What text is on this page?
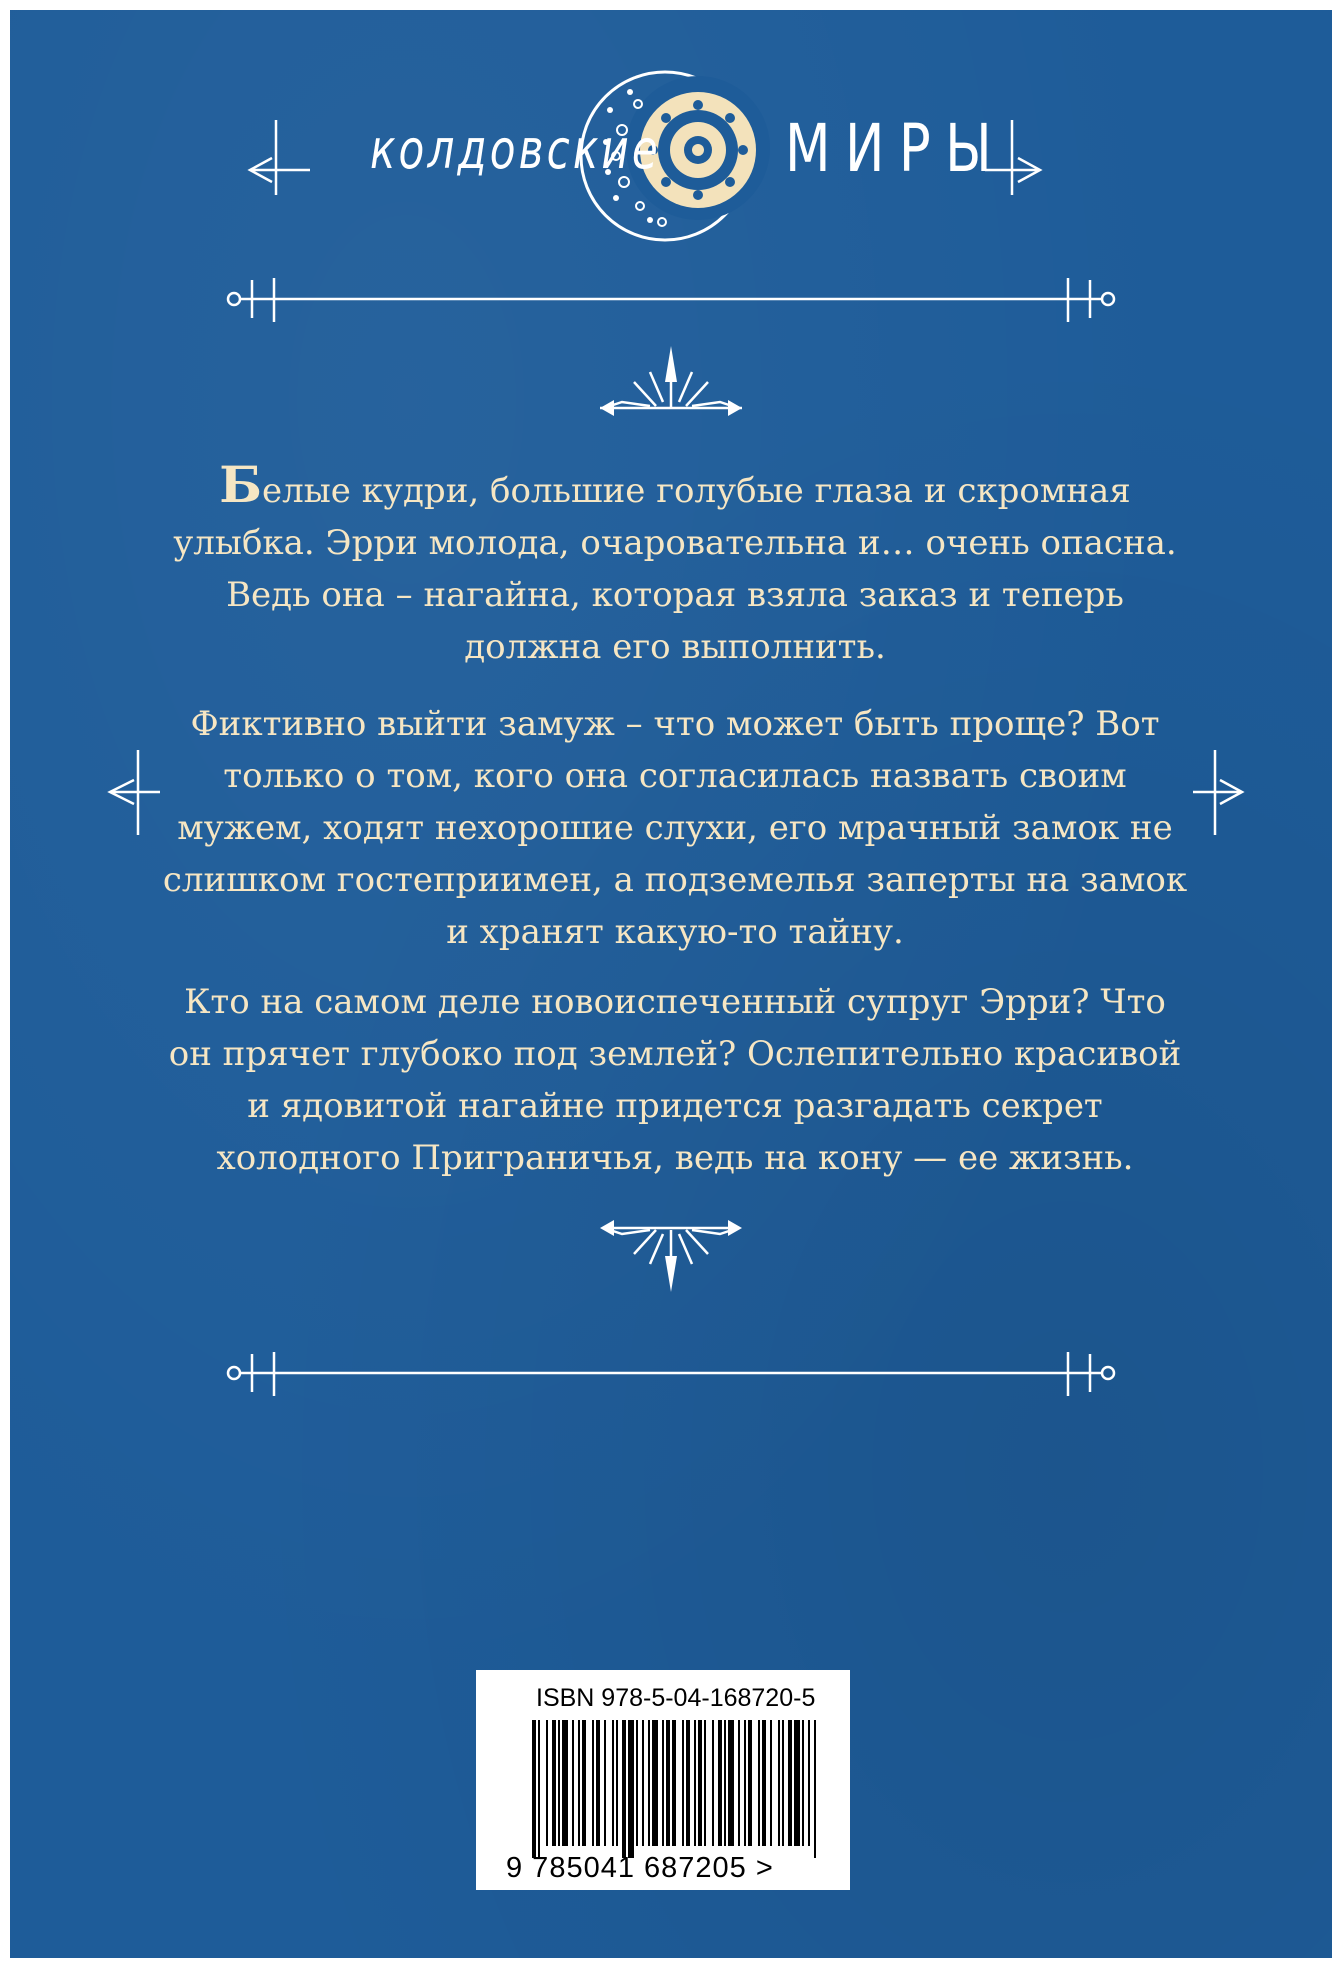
колдовские МИРЫ

Белые кудри, большие голубые глаза и скромная улыбка. Эрри молода, очаровательна и… очень опасна. Ведь она – нагайна, которая взяла заказ и теперь должна его выполнить.

Фиктивно выйти замуж – что может быть проще? Вот только о том, кого она согласилась назвать своим мужем, ходят нехорошие слухи, его мрачный замок не слишком гостеприимен, а подземелья заперты на замок и хранят какую-то тайну.

Кто на самом деле новоиспеченный супруг Эрри? Что он прячет глубоко под землей? Ослепительно красивой и ядовитой нагайне придется разгадать секрет холодного Приграничья, ведь на кону — ее жизнь.

ISBN 978-5-04-168720-5
9 785041 687205 >
